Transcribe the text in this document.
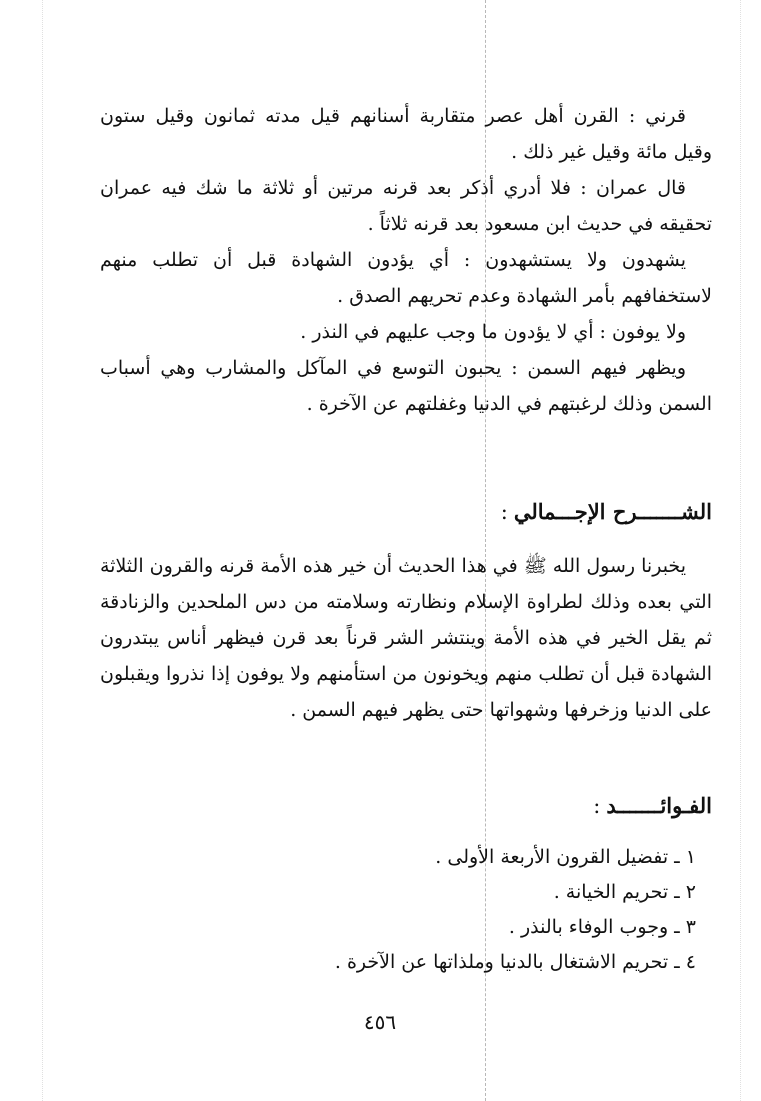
قرني : القرن أهل عصر متقاربة أسنانهم قيل مدته ثمانون وقيل ستون وقيل مائة وقيل غير ذلك .

قال عمران : فلا أدري أذكر بعد قرنه مرتين أو ثلاثة ما شك فيه عمران تحقيقه في حديث ابن مسعود بعد قرنه ثلاثاً .

يشهدون ولا يستشهدون : أي يؤدون الشهادة قبل أن تطلب منهم لاستخفافهم بأمر الشهادة وعدم تحريهم الصدق .

ولا يوفون : أي لا يؤدون ما وجب عليهم في النذر .

ويظهر فيهم السمن : يحبون التوسع في المآكل والمشارب وهي أسباب السمن وذلك لرغبتهم في الدنيا وغفلتهم عن الآخرة .

الشـــــــرح الإجـــمالي:

يخبرنا رسول الله ﷺ في هذا الحديث أن خير هذه الأمة قرنه والقرون الثلاثة التي بعده وذلك لطراوة الإسلام ونظارته وسلامته من دس الملحدين والزنادقة ثم يقل الخير في هذه الأمة وينتشر الشر قرناً بعد قرن فيظهر أناس يبتدرون الشهادة قبل أن تطلب منهم ويخونون من استأمنهم ولا يوفون إذا نذروا ويقبلون على الدنيا وزخرفها وشهواتها حتى يظهر فيهم السمن .

الفـوائـــــــد:
١ ـ تفضيل القرون الأربعة الأولى .
٢ ـ تحريم الخيانة .
٣ ـ وجوب الوفاء بالنذر .
٤ ـ تحريم الاشتغال بالدنيا وملذاتها عن الآخرة .
٤٥٦
